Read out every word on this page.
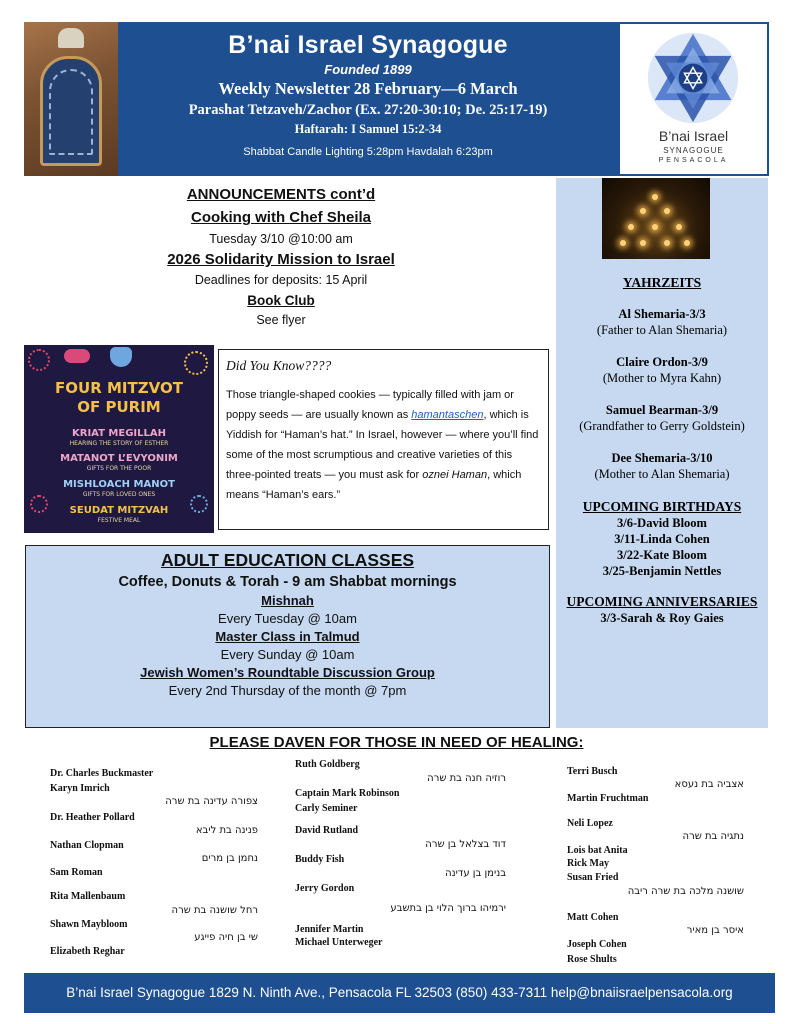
B’nai Israel Synagogue
Founded 1899
Weekly Newsletter 28 February—6 March
Parashat Tetzaveh/Zachor (Ex. 27:20-30:10; De. 25:17-19)
Haftarah: I Samuel 15:2-34
Shabbat Candle Lighting 5:28pm Havdalah 6:23pm
B’nai Israel
SYNAGOGUE
PENSACOLA
YAHRZEITS
Al Shemaria-3/3
(Father to Alan Shemaria)
Claire Ordon-3/9
(Mother to Myra Kahn)
Samuel Bearman-3/9
(Grandfather to Gerry Goldstein)
Dee Shemaria-3/10
(Mother to Alan Shemaria)
UPCOMING BIRTHDAYS
3/6-David Bloom
3/11-Linda Cohen
3/22-Kate Bloom
3/25-Benjamin Nettles
UPCOMING ANNIVERSARIES
3/3-Sarah & Roy Gaies
ANNOUNCEMENTS cont’d
Cooking with Chef Sheila
Tuesday 3/10 @10:00 am
2026 Solidarity Mission to Israel
Deadlines for deposits: 15 April
Book Club
See flyer
FOUR MITZVOT
OF PURIM
KRIAT MEGILLAH
HEARING THE STORY OF ESTHER
MATANOT L’EVYONIM
GIFTS FOR THE POOR
MISHLOACH MANOT
GIFTS FOR LOVED ONES
SEUDAT MITZVAH
FESTIVE MEAL
Did You Know????
Those triangle-shaped cookies — typically filled with jam or poppy seeds — are usually known as hamantaschen, which is Yiddish for “Haman’s hat.” In Israel, however — where you’ll find some of the most scrumptious and creative varieties of this three-pointed treats — you must ask for oznei Haman, which means “Haman’s ears.”
ADULT EDUCATION CLASSES
Coffee, Donuts & Torah - 9 am Shabbat mornings
Mishnah
Every Tuesday @ 10am
Master Class in Talmud
Every Sunday @ 10am
Jewish Women’s Roundtable Discussion Group
Every 2nd Thursday of the month @ 7pm
PLEASE DAVEN FOR THOSE IN NEED OF HEALING:
Dr. Charles Buckmaster
Karyn Imrich
צפורה עדינה בת שרה
Dr. Heather Pollard
פנינה בת ליבא
Nathan Clopman
נחמן בן מרים
Sam Roman
Rita Mallenbaum
רחל שושנה בת שרה
Shawn Maybloom
שי בן חיה פייגע
Elizabeth Reghar
Ruth Goldberg
רוזיה חנה בת שרה
Captain Mark Robinson
Carly Seminer
David Rutland
דוד בצלאל בן שרה
Buddy Fish
בנימן בן עדינה
Jerry Gordon
ירמיהו ברוך הלוי בן בתשבע
Jennifer Martin
Michael Unterweger
Terri Busch
אצביה בת נעסא
Martin Fruchtman
Neli Lopez
נתגיה בת שרה
Lois bat Anita
Rick May
Susan Fried
שושנה מלכה בת שרה ריבה
Matt Cohen
איסר בן מאיר
Joseph Cohen
Rose Shults
B’nai Israel Synagogue 1829 N. Ninth Ave., Pensacola FL 32503 (850) 433-7311 help@bnaiisraelpensacola.org
